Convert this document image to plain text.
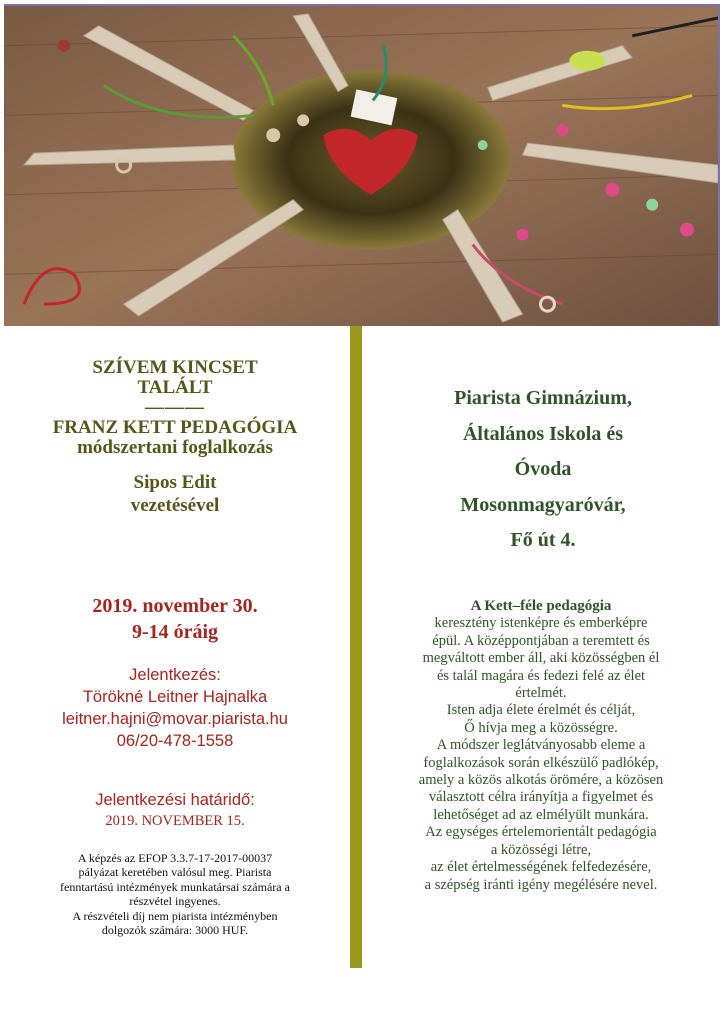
SZÍVEM KINCSET
TALÁLT
———
FRANZ KETT PEDAGÓGIA
módszertani foglalkozás
Sipos Edit
vezetésével
2019. november 30.
9-14 óráig
Jelentkezés:
Törökné Leitner Hajnalka
leitner.hajni@movar.piarista.hu
06/20-478-1558
Jelentkezési határidő:
2019. NOVEMBER 15.
A képzés az EFOP 3.3.7-17-2017-00037
pályázat keretében valósul meg. Piarista
fenntartású intézmények munkatársai számára a
részvétel ingyenes.
A részvételi díj nem piarista intézményben
dolgozók számára: 3000 HUF.
Piarista Gimnázium,
Általános Iskola és
Óvoda
Mosonmagyaróvár,
Fő út 4.
A Kett–féle pedagógia
keresztény istenképre és emberképre
épül. A középpontjában a teremtett és
megváltott ember áll, aki közösségben él
és talál magára és fedezi felé az élet
értelmét.
Isten adja élete érelmét és célját,
Ő hívja meg a közösségre.
A módszer leglátványosabb eleme a
foglalkozások során elkészülő padlókép,
amely a közös alkotás örömére, a közösen
választott célra irányítja a figyelmet és
lehetőséget ad az elmélyült munkára.
Az egységes értelemorientált pedagógia
a közösségi létre,
az élet értelmességének felfedezésére,
a szépség iránti igény megélésére nevel.
